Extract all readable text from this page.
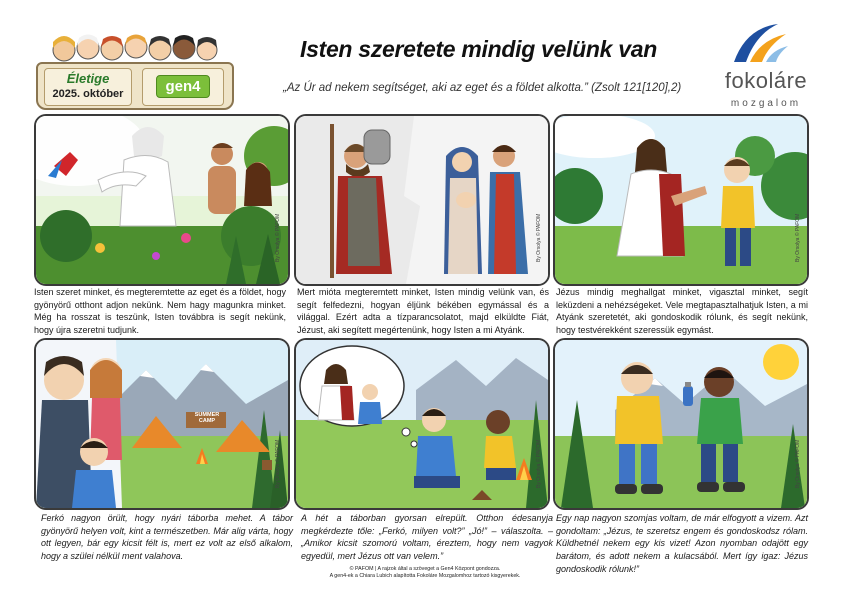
Életige
2025. október	gen4
Isten szeretete mindig velünk van
„Az Úr ad nekem segítséget, aki az eget és a földet alkotta.” (Zsolt 121[120],2)	fokoláre
mozgalom
Isten szeret minket, és megteremtette az eget és a földet, hogy gyönyörű otthont adjon nekünk. Nem hagy magunkra minket. Még ha rosszat is teszünk, Isten továbbra is segít nekünk, hogy újra szeretni tudjunk.
Mert mióta megteremtett minket, Isten mindig velünk van, és segít felfedezni, hogyan éljünk békében egymással és a világgal. Ezért adta a tízparancsolatot, majd elküldte Fiát, Jézust, aki segített megértenünk, hogy Isten a mi Atyánk.
Jézus mindig meghallgat minket, vigasztal minket, segít leküzdeni a nehézségeket. Vele megtapasztalhatjuk Isten, a mi Atyánk szeretetét, aki gondoskodik rólunk, és segít nekünk, hogy testvérekként szeressük egymást.
SUMMER CAMP
Ferkó nagyon örült, hogy nyári táborba mehet. A tábor gyönyörű helyen volt, kint a természetben. Már alig várta, hogy ott legyen, bár egy kicsit félt is, mert ez volt az első alkalom, hogy a szülei nélkül ment valahova.
A hét a táborban gyorsan elrepült. Otthon édesanyja megkérdezte tőle: „Ferkó, milyen volt?” „Jó!” – válaszolta. – „Amikor kicsit szomorú voltam, éreztem, hogy nem vagyok egyedül, mert Jézus ott van velem.”
Egy nap nagyon szomjas voltam, de már elfogyott a vizem. Azt gondoltam: „Jézus, te szeretsz engem és gondoskodsz rólam. Küldhetnél nekem egy kis vizet! Azon nyomban odajött egy barátom, és adott nekem a kulacsából. Mert így igaz: Jézus gondoskodik rólunk!”
By Orsolya © PAFOM	By Orsolya © PAFOM	By Orsolya © PAFOM
By Orsolya © PAFOM	By Orsolya © PAFOM	By Orsolya © PAFOM
© PAFOM | A rajzok által a szöveget a Gen4 Központ gondozza.
A gen4-ek a Chiara Lubich alapította Fokoláre Mozgalomhoz tartozó kisgyerekek.
